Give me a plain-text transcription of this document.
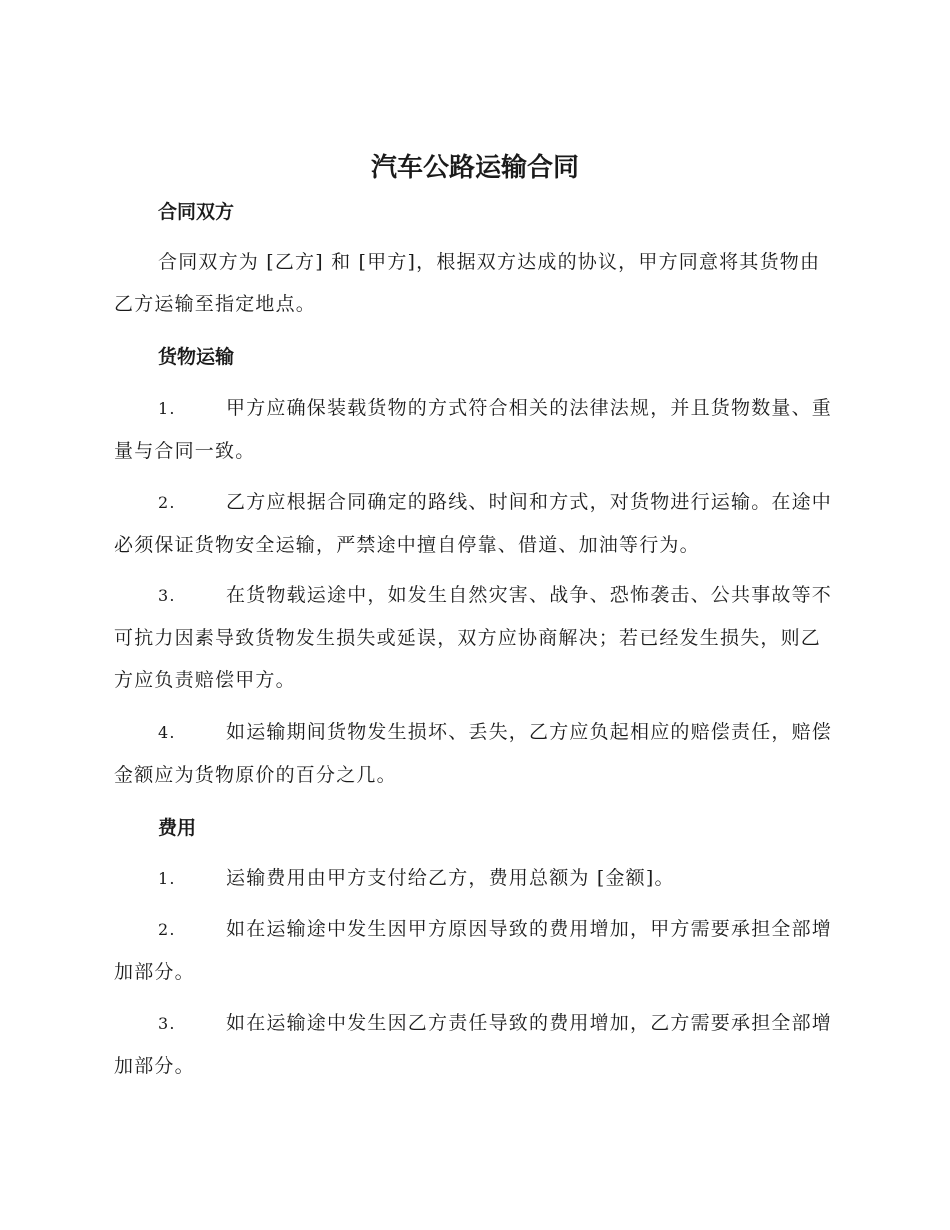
汽车公路运输合同
合同双方

合同双方为 [乙方] 和 [甲方]，根据双方达成的协议，甲方同意将其货物由乙方运输至指定地点。

货物运输

1.	甲方应确保装载货物的方式符合相关的法律法规，并且货物数量、重量与合同一致。

2.	乙方应根据合同确定的路线、时间和方式，对货物进行运输。在途中必须保证货物安全运输，严禁途中擅自停靠、借道、加油等行为。

3.	在货物载运途中，如发生自然灾害、战争、恐怖袭击、公共事故等不可抗力因素导致货物发生损失或延误，双方应协商解决；若已经发生损失，则乙方应负责赔偿甲方。

4.	如运输期间货物发生损坏、丢失，乙方应负起相应的赔偿责任，赔偿金额应为货物原价的百分之几。

费用

1.	运输费用由甲方支付给乙方，费用总额为 [金额]。

2.	如在运输途中发生因甲方原因导致的费用增加，甲方需要承担全部增加部分。

3.	如在运输途中发生因乙方责任导致的费用增加，乙方需要承担全部增加部分。
